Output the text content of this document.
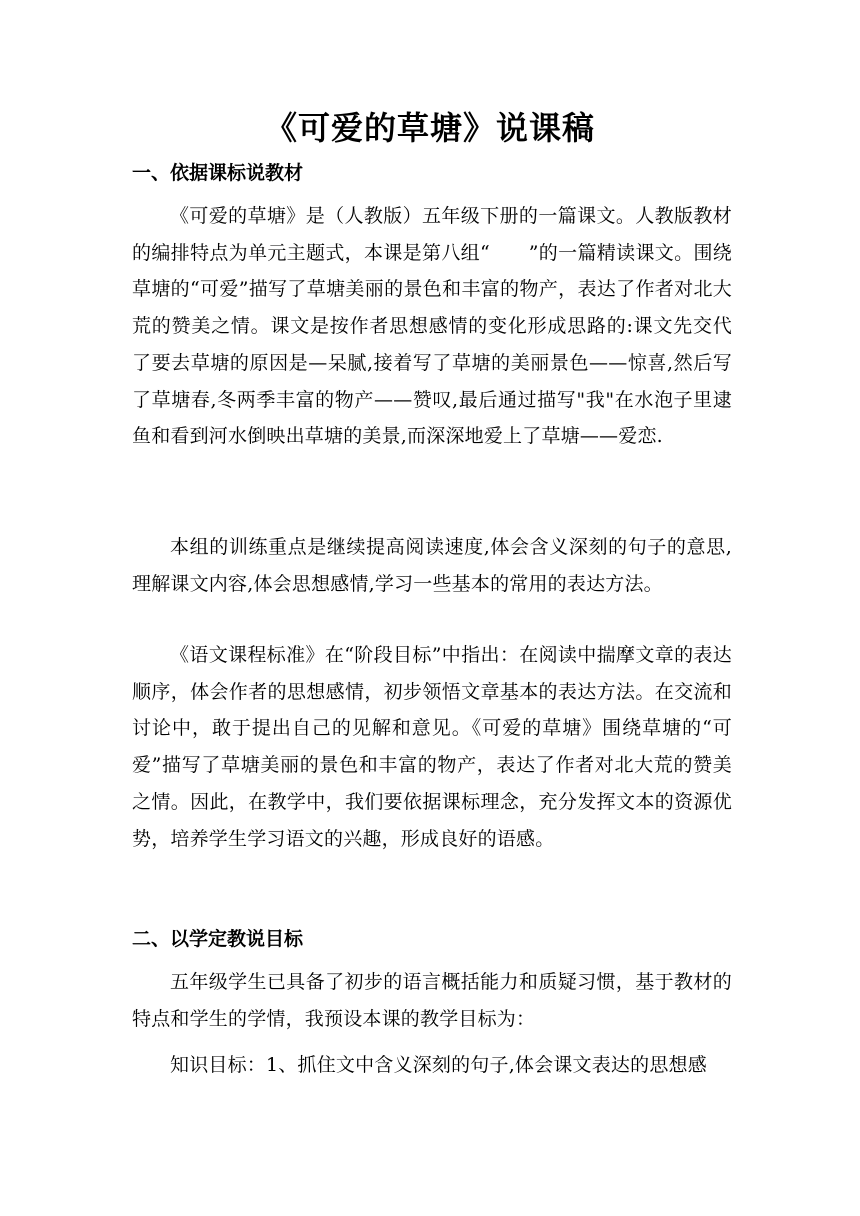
《可爱的草塘》说课稿
一、依据课标说教材

《可爱的草塘》是（人教版）五年级下册的一篇课文。人教版教材的编排特点为单元主题式，本课是第八组“　　”的一篇精读课文。围绕草塘的“可爱”描写了草塘美丽的景色和丰富的物产，表达了作者对北大荒的赞美之情。课文是按作者思想感情的变化形成思路的:课文先交代了要去草塘的原因是—呆腻,接着写了草塘的美丽景色——惊喜,然后写了草塘春,冬两季丰富的物产——赞叹,最后通过描写"我"在水泡子里逮鱼和看到河水倒映出草塘的美景,而深深地爱上了草塘——爱恋.

本组的训练重点是继续提高阅读速度,体会含义深刻的句子的意思,理解课文内容,体会思想感情,学习一些基本的常用的表达方法。

《语文课程标准》在“阶段目标”中指出：在阅读中揣摩文章的表达顺序，体会作者的思想感情，初步领悟文章基本的表达方法。在交流和讨论中，敢于提出自己的见解和意见。《可爱的草塘》围绕草塘的“可爱”描写了草塘美丽的景色和丰富的物产，表达了作者对北大荒的赞美之情。因此，在教学中，我们要依据课标理念，充分发挥文本的资源优势，培养学生学习语文的兴趣，形成良好的语感。

二、以学定教说目标

五年级学生已具备了初步的语言概括能力和质疑习惯，基于教材的特点和学生的学情，我预设本课的教学目标为：

知识目标：1、抓住文中含义深刻的句子,体会课文表达的思想感
